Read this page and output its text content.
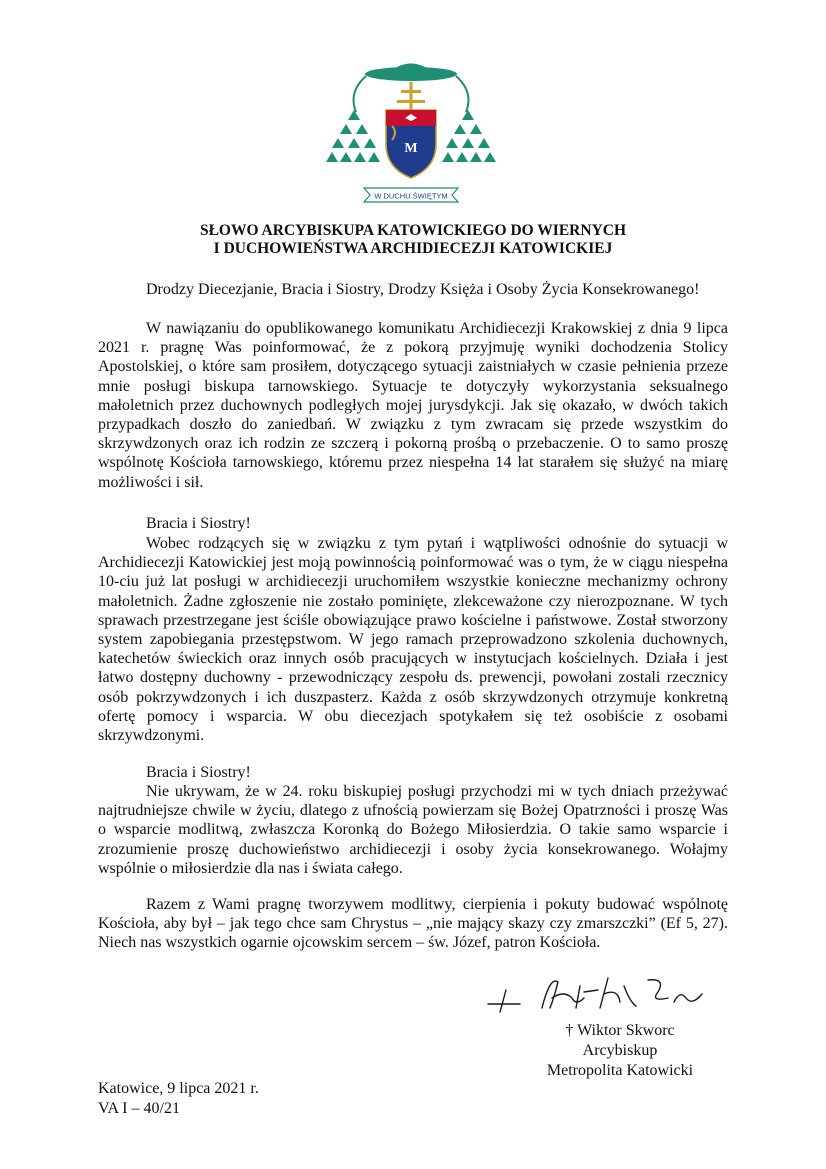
M
W DUCHU ŚWIĘTYM
SŁOWO ARCYBISKUPA KATOWICKIEGO DO WIERNYCH
I DUCHOWIEŃSTWA ARCHIDIECEZJI KATOWICKIEJ
Drodzy Diecezjanie, Bracia i Siostry, Drodzy Księża i Osoby Życia Konsekrowanego!
W nawiązaniu do opublikowanego komunikatu Archidiecezji Krakowskiej z dnia 9 lipca 2021 r. pragnę Was poinformować, że z pokorą przyjmuję wyniki dochodzenia Stolicy Apostolskiej, o które sam prosiłem, dotyczącego sytuacji zaistniałych w czasie pełnienia przeze mnie posługi biskupa tarnowskiego. Sytuacje te dotyczyły wykorzystania seksualnego małoletnich przez duchownych podległych mojej jurysdykcji. Jak się okazało, w dwóch takich przypadkach doszło do zaniedbań. W związku z tym zwracam się przede wszystkim do skrzywdzonych oraz ich rodzin ze szczerą i pokorną prośbą o przebaczenie. O to samo proszę wspólnotę Kościoła tarnowskiego, któremu przez niespełna 14 lat starałem się służyć na miarę możliwości i sił.
Bracia i Siostry!
Wobec rodzących się w związku z tym pytań i wątpliwości odnośnie do sytuacji w Archidiecezji Katowickiej jest moją powinnością poinformować was o tym, że w ciągu niespełna 10-ciu już lat posługi w archidiecezji uruchomiłem wszystkie konieczne mechanizmy ochrony małoletnich. Żadne zgłoszenie nie zostało pominięte, zlekceważone czy nierozpoznane. W tych sprawach przestrzegane jest ściśle obowiązujące prawo kościelne i państwowe. Został stworzony system zapobiegania przestępstwom. W jego ramach przeprowadzono szkolenia duchownych, katechetów świeckich oraz innych osób pracujących w instytucjach kościelnych. Działa i jest łatwo dostępny duchowny - przewodniczący zespołu ds. prewencji, powołani zostali rzecznicy osób pokrzywdzonych i ich duszpasterz. Każda z osób skrzywdzonych otrzymuje konkretną ofertę pomocy i wsparcia. W obu diecezjach spotykałem się też osobiście z osobami skrzywdzonymi.
Bracia i Siostry!
Nie ukrywam, że w 24. roku biskupiej posługi przychodzi mi w tych dniach przeżywać najtrudniejsze chwile w życiu, dlatego z ufnością powierzam się Bożej Opatrzności i proszę Was o wsparcie modlitwą, zwłaszcza Koronką do Bożego Miłosierdzia. O takie samo wsparcie i zrozumienie proszę duchowieństwo archidiecezji i osoby życia konsekrowanego. Wołajmy wspólnie o miłosierdzie dla nas i świata całego.
Razem z Wami pragnę tworzywem modlitwy, cierpienia i pokuty budować wspólnotę Kościoła, aby był – jak tego chce sam Chrystus – „nie mający skazy czy zmarszczki” (Ef 5, 27). Niech nas wszystkich ogarnie ojcowskim sercem – św. Józef, patron Kościoła.
† Wiktor Skworc
Arcybiskup
Metropolita Katowicki
Katowice, 9 lipca 2021 r.
VA I – 40/21
